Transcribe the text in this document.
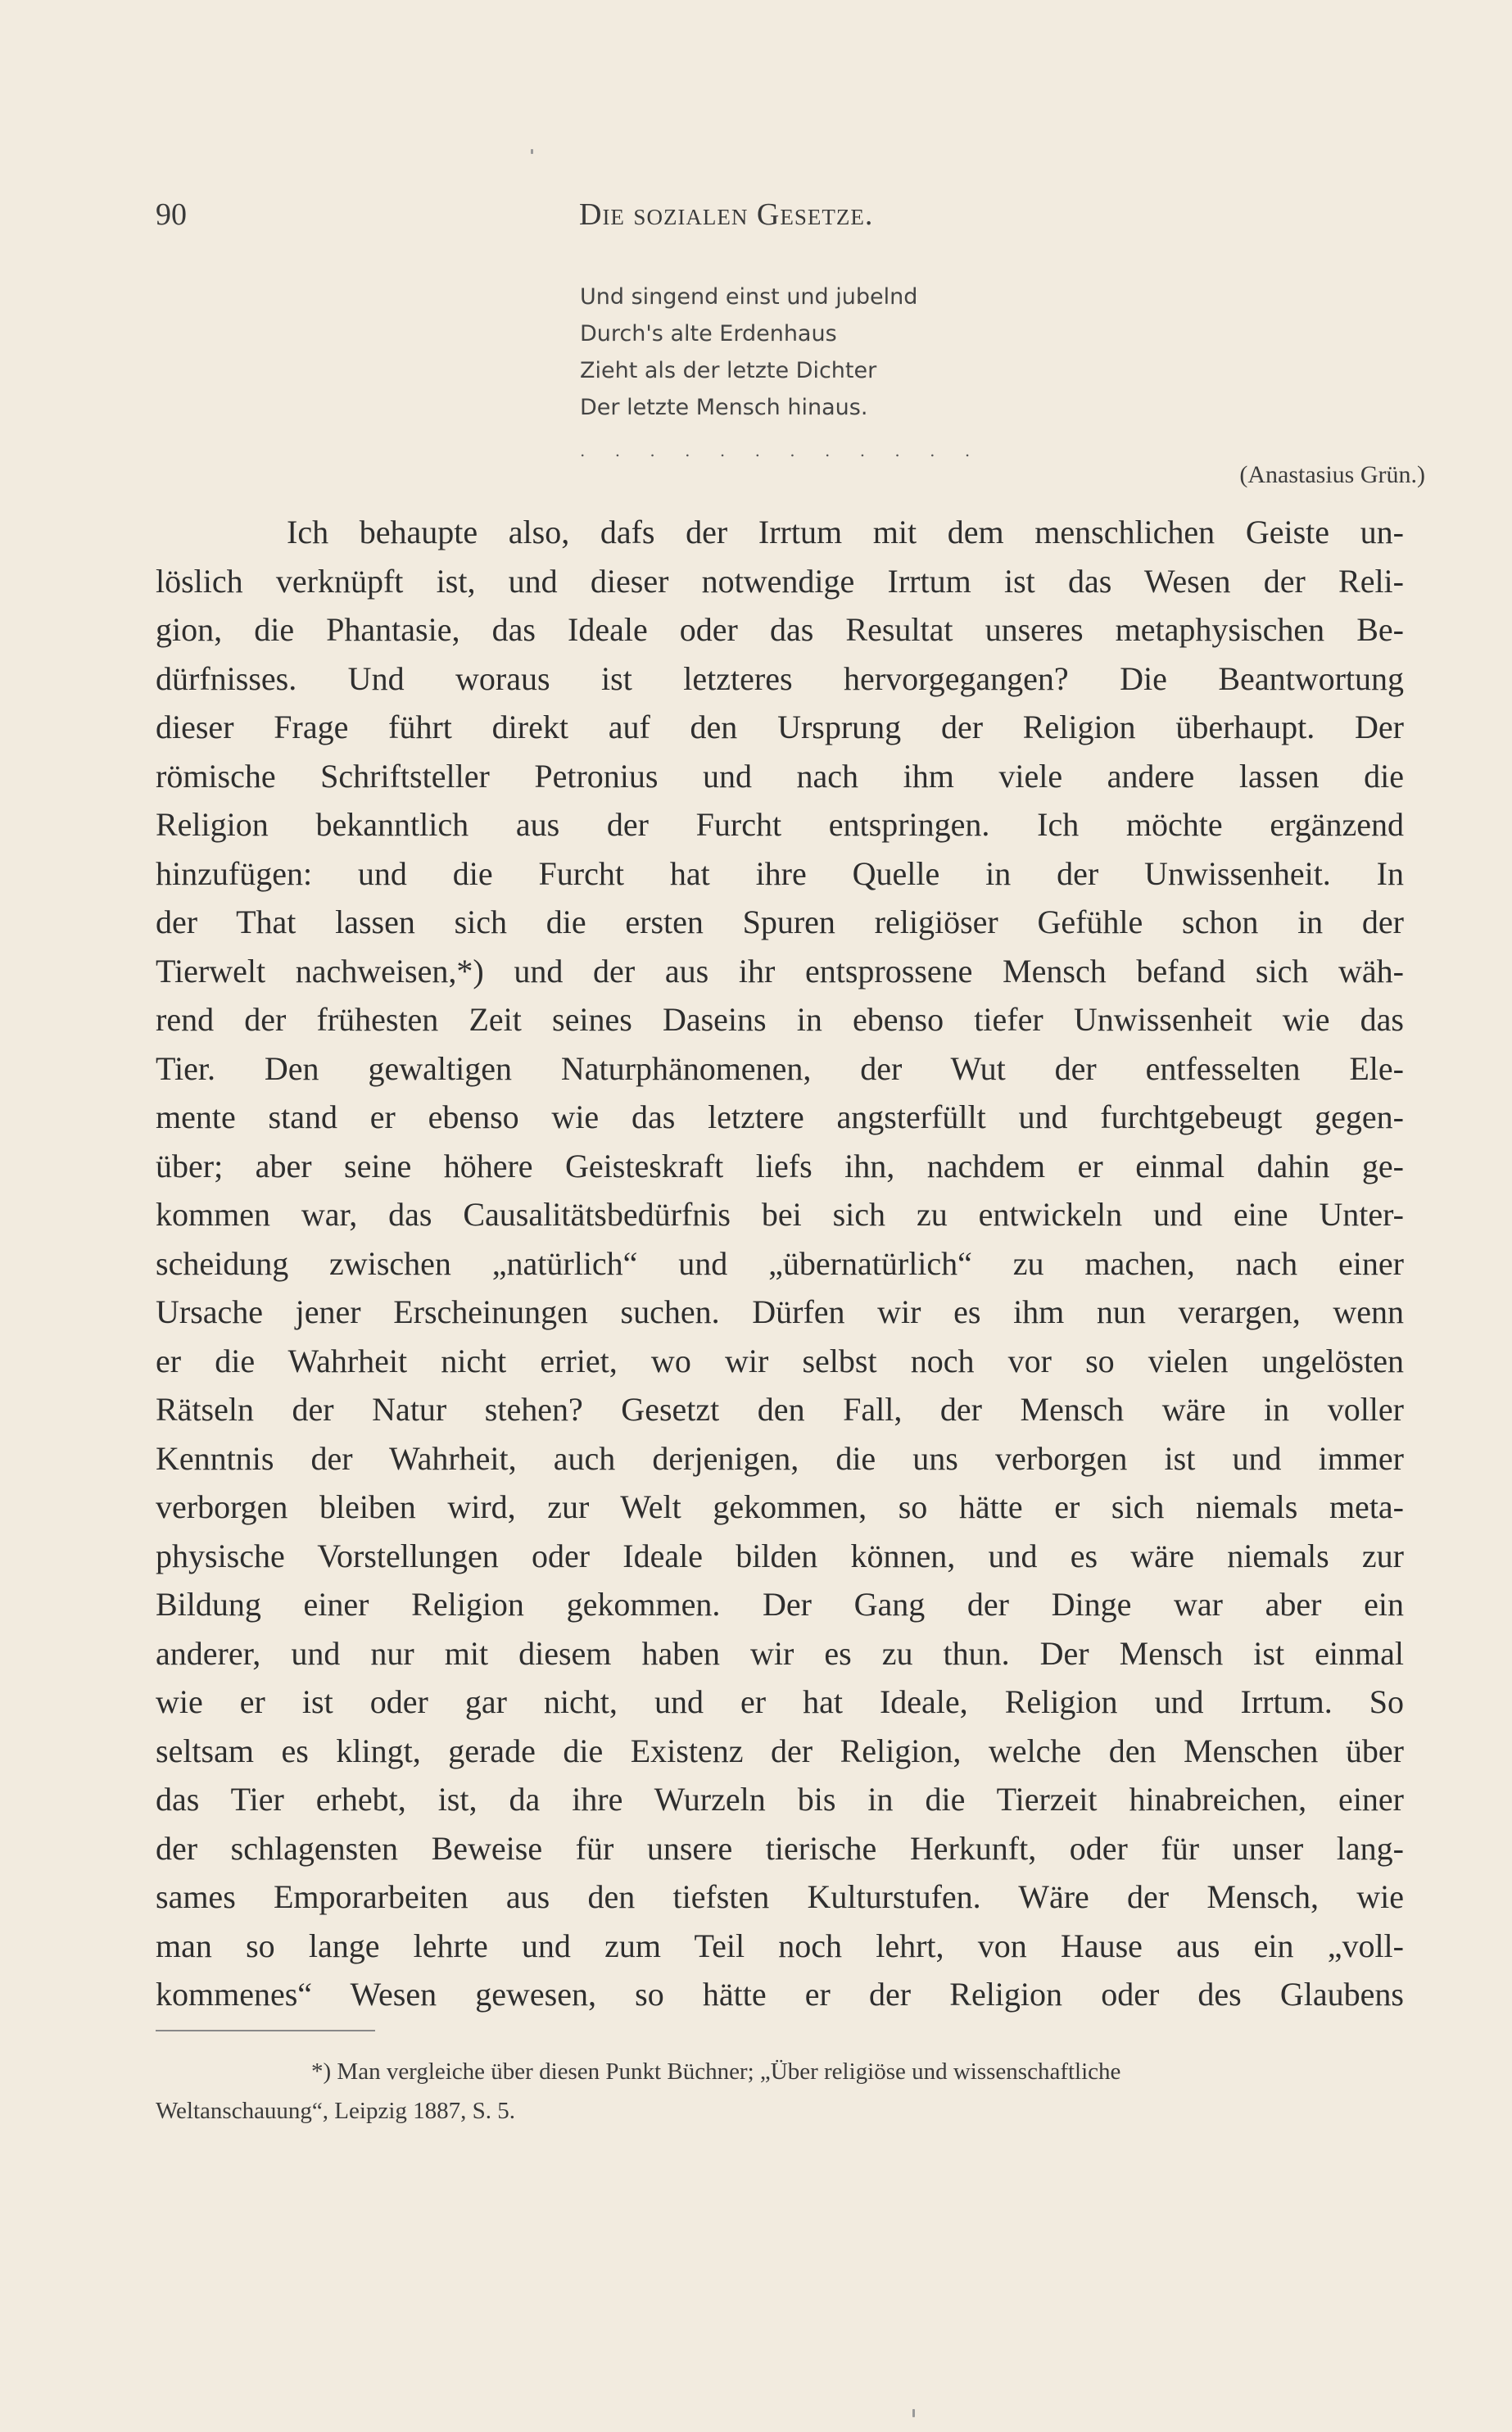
90	Die sozialen Gesetze.
Und singend einst und jubelnd
Durch's alte Erdenhaus
Zieht als der letzte Dichter
Der letzte Mensch hinaus.
. . . . . . . . . . . .
(Anastasius Grün.)
Ich behaupte also, dafs der Irrtum mit dem menschlichen Geiste un-
löslich verknüpft ist, und dieser notwendige Irrtum ist das Wesen der Reli-
gion, die Phantasie, das Ideale oder das Resultat unseres metaphysischen Be-
dürfnisses. Und woraus ist letzteres hervorgegangen? Die Beantwortung
dieser Frage führt direkt auf den Ursprung der Religion überhaupt. Der
römische Schriftsteller Petronius und nach ihm viele andere lassen die
Religion bekanntlich aus der Furcht entspringen. Ich möchte ergänzend
hinzufügen: und die Furcht hat ihre Quelle in der Unwissenheit. In
der That lassen sich die ersten Spuren religiöser Gefühle schon in der
Tierwelt nachweisen,*) und der aus ihr entsprossene Mensch befand sich wäh-
rend der frühesten Zeit seines Daseins in ebenso tiefer Unwissenheit wie das
Tier. Den gewaltigen Naturphänomenen, der Wut der entfesselten Ele-
mente stand er ebenso wie das letztere angsterfüllt und furchtgebeugt gegen-
über; aber seine höhere Geisteskraft liefs ihn, nachdem er einmal dahin ge-
kommen war, das Causalitätsbedürfnis bei sich zu entwickeln und eine Unter-
scheidung zwischen „natürlich“ und „übernatürlich“ zu machen, nach einer
Ursache jener Erscheinungen suchen. Dürfen wir es ihm nun verargen, wenn
er die Wahrheit nicht erriet, wo wir selbst noch vor so vielen ungelösten
Rätseln der Natur stehen? Gesetzt den Fall, der Mensch wäre in voller
Kenntnis der Wahrheit, auch derjenigen, die uns verborgen ist und immer
verborgen bleiben wird, zur Welt gekommen, so hätte er sich niemals meta-
physische Vorstellungen oder Ideale bilden können, und es wäre niemals zur
Bildung einer Religion gekommen. Der Gang der Dinge war aber ein
anderer, und nur mit diesem haben wir es zu thun. Der Mensch ist einmal
wie er ist oder gar nicht, und er hat Ideale, Religion und Irrtum. So
seltsam es klingt, gerade die Existenz der Religion, welche den Menschen über
das Tier erhebt, ist, da ihre Wurzeln bis in die Tierzeit hinabreichen, einer
der schlagensten Beweise für unsere tierische Herkunft, oder für unser lang-
sames Emporarbeiten aus den tiefsten Kulturstufen. Wäre der Mensch, wie
man so lange lehrte und zum Teil noch lehrt, von Hause aus ein „voll-
kommenes“ Wesen gewesen, so hätte er der Religion oder des Glaubens
*) Man vergleiche über diesen Punkt Büchner; „Über religiöse und wissenschaftliche
Weltanschauung“, Leipzig 1887, S. 5.
